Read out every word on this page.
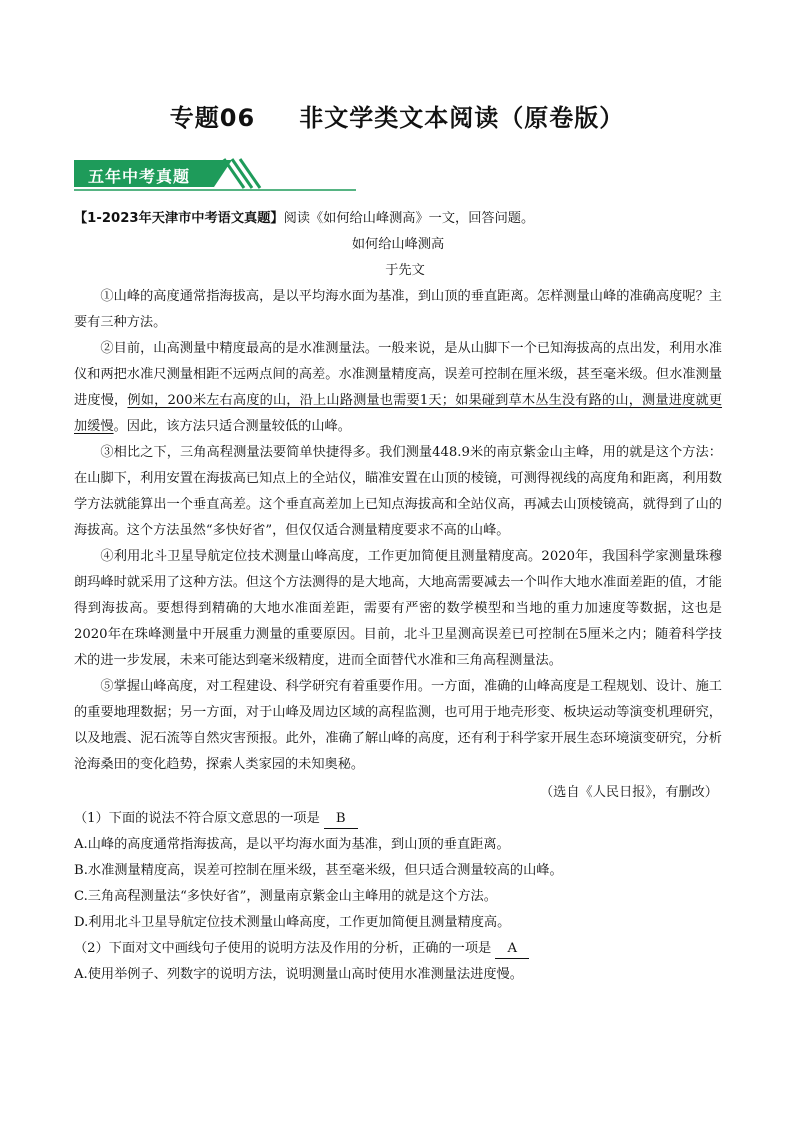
专题06 非文学类文本阅读（原卷版）
五年中考真题

【1-2023年天津市中考语文真题】阅读《如何给山峰测高》一文，回答问题。

如何给山峰测高

于先文

①山峰的高度通常指海拔高，是以平均海水面为基准，到山顶的垂直距离。怎样测量山峰的准确高度呢？主要有三种方法。

②目前，山高测量中精度最高的是水准测量法。一般来说，是从山脚下一个已知海拔高的点出发，利用水准仪和两把水准尺测量相距不远两点间的高差。水准测量精度高，误差可控制在厘米级，甚至毫米级。但水准测量进度慢，例如，200米左右高度的山，沿上山路测量也需要1天；如果碰到草木丛生没有路的山，测量进度就更加缓慢。因此，该方法只适合测量较低的山峰。

③相比之下，三角高程测量法要简单快捷得多。我们测量448.9米的南京紫金山主峰，用的就是这个方法：在山脚下，利用安置在海拔高已知点上的全站仪，瞄准安置在山顶的棱镜，可测得视线的高度角和距离，利用数学方法就能算出一个垂直高差。这个垂直高差加上已知点海拔高和全站仪高，再减去山顶棱镜高，就得到了山的海拔高。这个方法虽然“多快好省”，但仅仅适合测量精度要求不高的山峰。

④利用北斗卫星导航定位技术测量山峰高度，工作更加简便且测量精度高。2020年，我国科学家测量珠穆朗玛峰时就采用了这种方法。但这个方法测得的是大地高，大地高需要减去一个叫作大地水准面差距的值，才能得到海拔高。要想得到精确的大地水准面差距，需要有严密的数学模型和当地的重力加速度等数据，这也是2020年在珠峰测量中开展重力测量的重要原因。目前，北斗卫星测高误差已可控制在5厘米之内；随着科学技术的进一步发展，未来可能达到毫米级精度，进而全面替代水准和三角高程测量法。

⑤掌握山峰高度，对工程建设、科学研究有着重要作用。一方面，准确的山峰高度是工程规划、设计、施工的重要地理数据；另一方面，对于山峰及周边区域的高程监测，也可用于地壳形变、板块运动等演变机理研究，以及地震、泥石流等自然灾害预报。此外，准确了解山峰的高度，还有利于科学家开展生态环境演变研究，分析沧海桑田的变化趋势，探索人类家园的未知奥秘。

（选自《人民日报》，有删改）

（1）下面的说法不符合原文意思的一项是 B

A.山峰的高度通常指海拔高，是以平均海水面为基准，到山顶的垂直距离。

B.水准测量精度高，误差可控制在厘米级，甚至毫米级，但只适合测量较高的山峰。

C.三角高程测量法“多快好省”，测量南京紫金山主峰用的就是这个方法。

D.利用北斗卫星导航定位技术测量山峰高度，工作更加简便且测量精度高。

（2）下面对文中画线句子使用的说明方法及作用的分析，正确的一项是 A

A.使用举例子、列数字的说明方法，说明测量山高时使用水准测量法进度慢。
